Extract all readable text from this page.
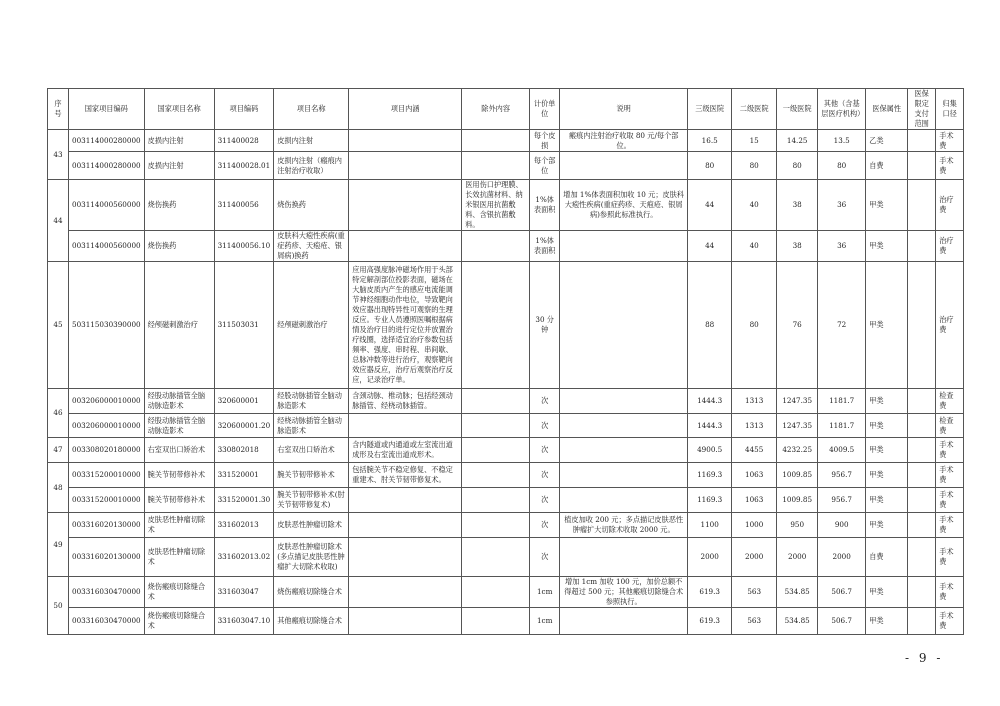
序号	国家项目编码	国家项目名称	项目编码	项目名称	项目内涵	除外内容	计价单位	说明	三级医院	二级医院	一级医院	其他（含基层医疗机构）	医保属性	医保限定支付范围	归集口径
43	003114000280000	皮损内注射	311400028	皮损内注射			每个皮损	瘢痕内注射治疗收取 80 元/每个部位。	16.5	15	14.25	13.5	乙类		手术费
	003114000280000	皮损内注射	311400028.01	皮损内注射（瘢痕内注射治疗收取）			每个部位		80	80	80	80	自费		手术费
44	003114000560000	烧伤换药	311400056	烧伤换药		医用伤口护理膜、长效抗菌材料、纳米银医用抗菌敷料、含银抗菌敷料。	1%体表面积	增加 1%体表面积加收 10 元；皮肤科大疱性疾病(重症药疹、天疱疮、银屑病)参照此标准执行。	44	40	38	36	甲类		治疗费
	003114000560000	烧伤换药	311400056.10	皮肤科大疱性疾病(重症药疹、天疱疮、银屑病)换药			1%体表面积		44	40	38	36	甲类		治疗费
45	503115030390000	经颅磁刺激治疗	311503031	经颅磁刺激治疗	应用高强度脉冲磁场作用于头部特定解剖部位投影表面，磁场在大脑皮质内产生的感应电流能调节神经细胞动作电位，导致靶向效应器出现特异性可观察的生理反应。专业人员遵照医嘱根据病情及治疗目的进行定位并放置治疗线圈，选择适宜治疗参数包括频率、强度、串时程、串间歇、总脉冲数等进行治疗，观察靶向效应器反应，治疗后观察治疗反应，记录治疗单。		30 分钟		88	80	76	72	甲类		治疗费
46	003206000010000	经股动脉插管全脑动脉造影术	320600001	经股动脉插管全脑动脉造影术	含颈动脉、椎动脉；包括经颈动脉插管、经桡动脉插管。		次		1444.3	1313	1247.35	1181.7	甲类		检查费
	003206000010000	经股动脉插管全脑动脉造影术	320600001.20	经桡动脉插管全脑动脉造影术			次		1444.3	1313	1247.35	1181.7	甲类		检查费
47	003308020180000	右室双出口矫治术	330802018	右室双出口矫治术	含内隧道或内通道或左室流出道成形及右室流出道成形术。		次		4900.5	4455	4232.25	4009.5	甲类		手术费
48	003315200010000	腕关节韧带修补术	331520001	腕关节韧带修补术	包括腕关节不稳定修复、不稳定重建术、肘关节韧带修复术。		次		1169.3	1063	1009.85	956.7	甲类		手术费
	003315200010000	腕关节韧带修补术	331520001.30	腕关节韧带修补术(肘关节韧带修复术)			次		1169.3	1063	1009.85	956.7	甲类		手术费
49	003316020130000	皮肤恶性肿瘤切除术	331602013	皮肤恶性肿瘤切除术			次	植皮加收 200 元；多点描记皮肤恶性肿瘤扩大切除术收取 2000 元。	1100	1000	950	900	甲类		手术费
	003316020130000	皮肤恶性肿瘤切除术	331602013.02	皮肤恶性肿瘤切除术(多点描记皮肤恶性肿瘤扩大切除术收取)			次		2000	2000	2000	2000	自费		手术费
50	003316030470000	烧伤瘢痕切除缝合术	331603047	烧伤瘢痕切除缝合术			1cm	增加 1cm 加收 100 元，加价总额不得超过 500 元；其他瘢痕切除缝合术参照执行。	619.3	563	534.85	506.7	甲类		手术费
	003316030470000	烧伤瘢痕切除缝合术	331603047.10	其他瘢痕切除缝合术			1cm		619.3	563	534.85	506.7	甲类		手术费
- 9 -
